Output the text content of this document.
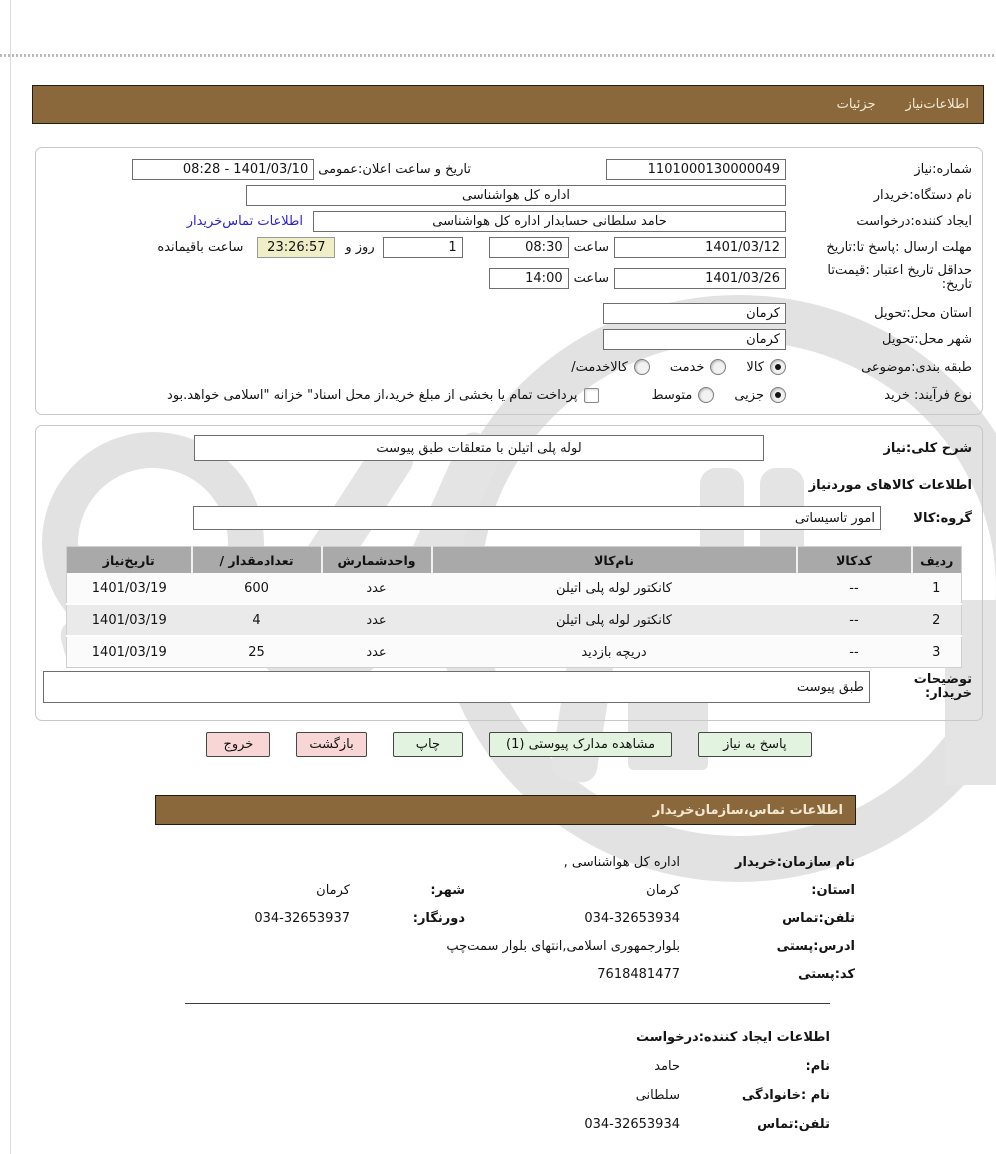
اطلاعات‌نیاز
جزئیات
شماره:نیاز
1101000130000049
تاریخ و ساعت اعلان:عمومی
1401/03/10 - 08:28
نام دستگاه:خریدار
اداره کل هواشناسی
ایجاد کننده:درخواست
حامد سلطانی حسابدار اداره کل هواشناسی
اطلاعات تماس‌خریدار
مهلت ارسال :پاسخ تا:تاریخ
1401/03/12
ساعت
08:30
1
روز و
23:26:57
ساعت باقیمانده
حداقل تاریخ اعتبار :قیمت‌تا
تاریخ:
1401/03/26
ساعت
14:00
استان محل:تحویل
کرمان
شهر محل:تحویل
کرمان
طبقه بندی:موضوعی
کالا
خدمت
کالاخدمت/
نوع فرآیند: خرید
جزیی
متوسط
پرداخت تمام یا بخشی از مبلغ خرید،از محل اسناد" خزانه "اسلامی خواهد.بود
شرح کلی:نیاز
لوله پلی اتیلن با متعلقات طبق پیوست
اطلاعات کالاهای موردنیاز
گروه:کالا
امور تاسیساتی
ردیف	کدکالا	نام‌کالا	واحدشمارش	تعدادمقدار /	تاریخ‌نیاز
1	--	کانکتور لوله پلی اتیلن	عدد	600	1401/03/19
2	--	کانکتور لوله پلی اتیلن	عدد	4	1401/03/19
3	--	دریچه بازدید	عدد	25	1401/03/19
توضیحات
خریدار:
طبق پیوست
پاسخ به نیاز
مشاهده مدارک پیوستی (1)
چاپ
بازگشت
خروج
اطلاعات تماس،سازمان‌خریدار
نام سازمان:خریدار
اداره کل هواشناسی ,
استان:
کرمان
شهر:
کرمان
تلفن:تماس
034-32653934
دورنگار:
034-32653937
ادرس:پستی
بلوارجمهوری اسلامی,انتهای بلوار سمت‌چپ
کد:پستی
7618481477
اطلاعات ایجاد کننده:درخواست
نام:
حامد
نام :خانوادگی
سلطانی
تلفن:تماس
034-32653934
